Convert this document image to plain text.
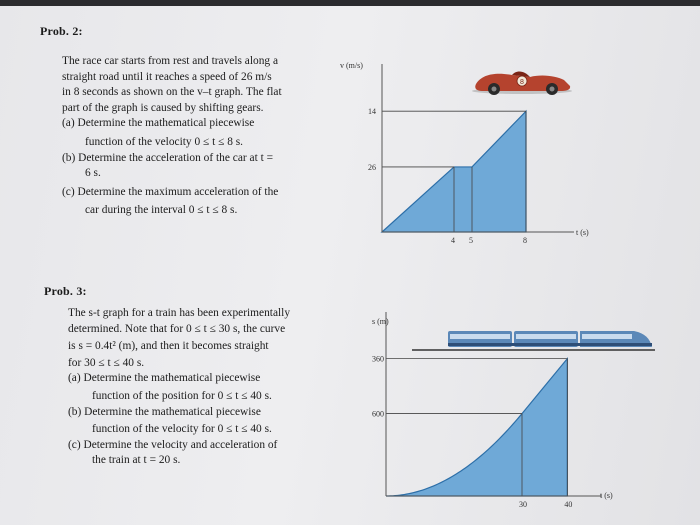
Prob. 2:
The race car starts from rest and travels along a
straight road until it reaches a speed of 26 m/s
in 8 seconds as shown on the v–t graph. The flat
part of the graph is caused by shifting gears.
(a) Determine the mathematical piecewise
function of the velocity 0 ≤ t ≤ 8 s.
(b) Determine the acceleration of the car at t =
6 s.
(c) Determine the maximum acceleration of the
car during the interval 0 ≤ t ≤ 8 s.
v (m/s)
t (s)
4 5	8
26
14
8
Prob. 3:
The s-t graph for a train has been experimentally
determined. Note that for 0 ≤ t ≤ 30 s, the curve
is s = 0.4t² (m), and then it becomes straight
for 30 ≤ t ≤ 40 s.
(a) Determine the mathematical piecewise
function of the position for 0 ≤ t ≤ 40 s.
(b) Determine the mathematical piecewise
function of the velocity for 0 ≤ t ≤ 40 s.
(c) Determine the velocity and acceleration of
the train at t = 20 s.
s (m)
t (s)
30	40
600
360
